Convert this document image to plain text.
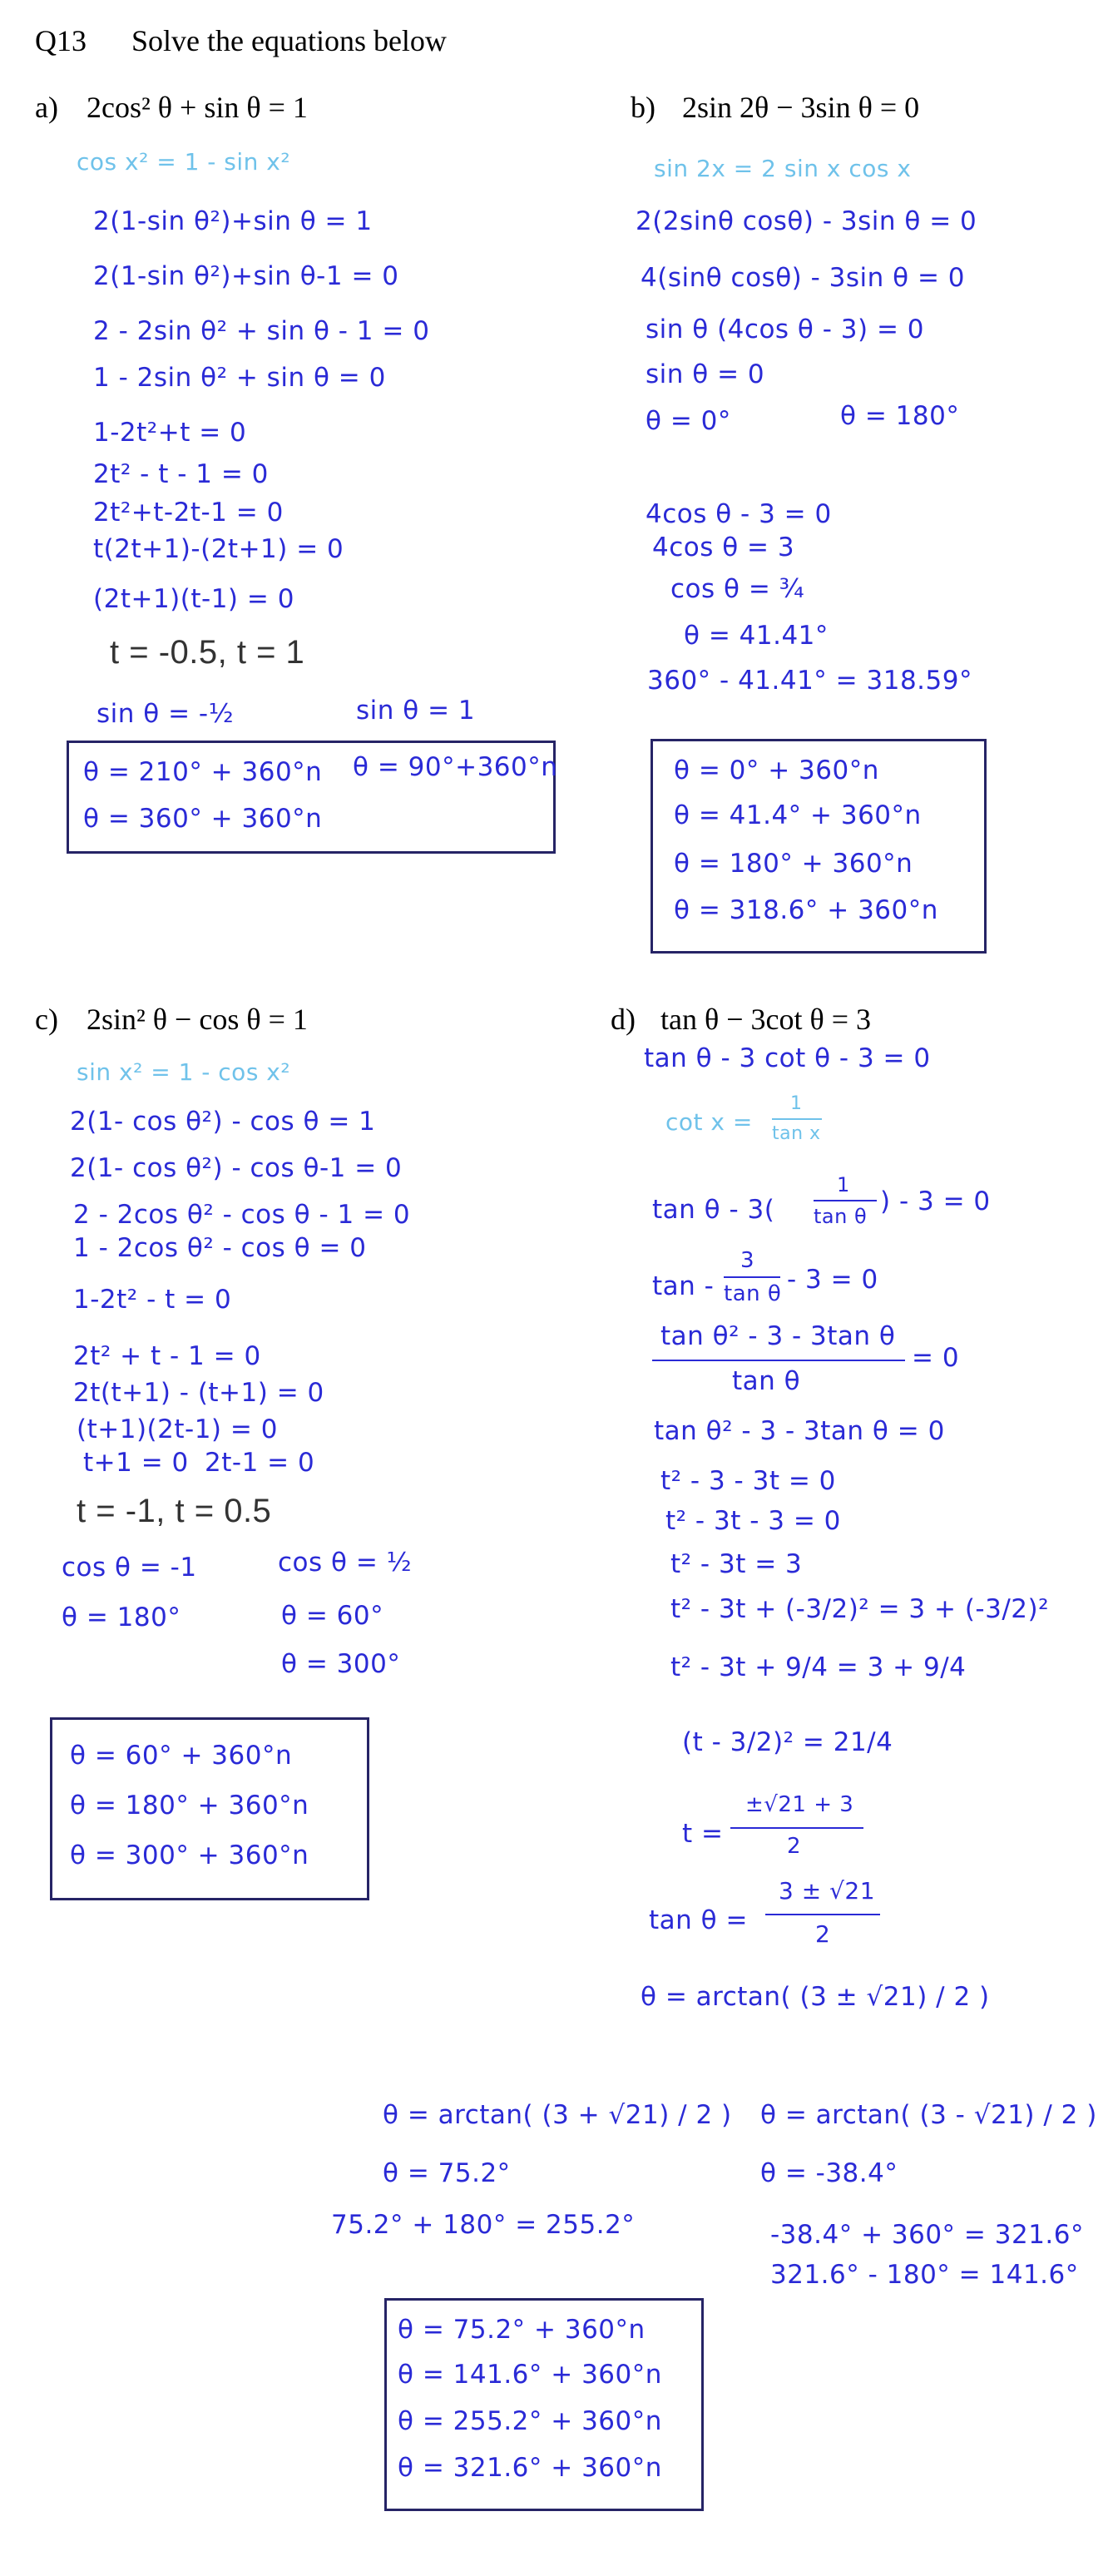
Q13 Solve the equations below
a) 2cos² θ + sin θ = 1
cos x² = 1 - sin x²
2(1-sin θ²)+sin θ = 1
2(1-sin θ²)+sin θ-1 = 0
2 - 2sin θ² + sin θ - 1 = 0
1 - 2sin θ² + sin θ = 0
1-2t²+t = 0
2t² - t - 1 = 0
2t²+t-2t-1 = 0
t(2t+1)-(2t+1) = 0
(2t+1)(t-1) = 0
t = -0.5, t = 1
sin θ = -½	sin θ = 1
θ = 210° + 360°n
θ = 360° + 360°n
θ = 90°+360°n
b) 2sin 2θ − 3sin θ = 0
sin 2x = 2 sin x cos x
2(2sinθ cosθ) - 3sin θ = 0
4(sinθ cosθ) - 3sin θ = 0
sin θ (4cos θ - 3) = 0
sin θ = 0
θ = 0°	θ = 180°
4cos θ - 3 = 0
4cos θ = 3
cos θ = ¾
θ = 41.41°
360° - 41.41° = 318.59°
θ = 0° + 360°n
θ = 41.4° + 360°n
θ = 180° + 360°n
θ = 318.6° + 360°n
c) 2sin² θ − cos θ = 1
sin x² = 1 - cos x²
2(1- cos θ²) - cos θ = 1
2(1- cos θ²) - cos θ-1 = 0
2 - 2cos θ² - cos θ - 1 = 0
1 - 2cos θ² - cos θ = 0
1-2t² - t = 0
2t² + t - 1 = 0
2t(t+1) - (t+1) = 0
(t+1)(2t-1) = 0
t+1 = 0 2t-1 = 0
t = -1, t = 0.5
cos θ = -1	cos θ = ½
θ = 180°	θ = 60°
θ = 300°
θ = 60° + 360°n
θ = 180° + 360°n
θ = 300° + 360°n
d) tan θ − 3cot θ = 3
tan θ - 3 cot θ - 3 = 0
cot x =
1
tan x
tan θ - 3(
1
tan θ ) - 3 = 0
tan -
3
tan θ - 3 = 0
tan θ² - 3 - 3tan θ
tan θ
= 0
tan θ² - 3 - 3tan θ = 0
t² - 3 - 3t = 0
t² - 3t - 3 = 0
t² - 3t = 3
t² - 3t + (-3/2)² = 3 + (-3/2)²
t² - 3t + 9/4 = 3 + 9/4
(t - 3/2)² = 21/4
t =
±√21 + 3
2
tan θ =
3 ± √21
2
θ = arctan( (3 ± √21) / 2 )
θ = arctan( (3 + √21) / 2 )
θ = 75.2°
75.2° + 180° = 255.2°
θ = arctan( (3 - √21) / 2 )
θ = -38.4°
-38.4° + 360° = 321.6°
321.6° - 180° = 141.6°
θ = 75.2° + 360°n
θ = 141.6° + 360°n
θ = 255.2° + 360°n
θ = 321.6° + 360°n
